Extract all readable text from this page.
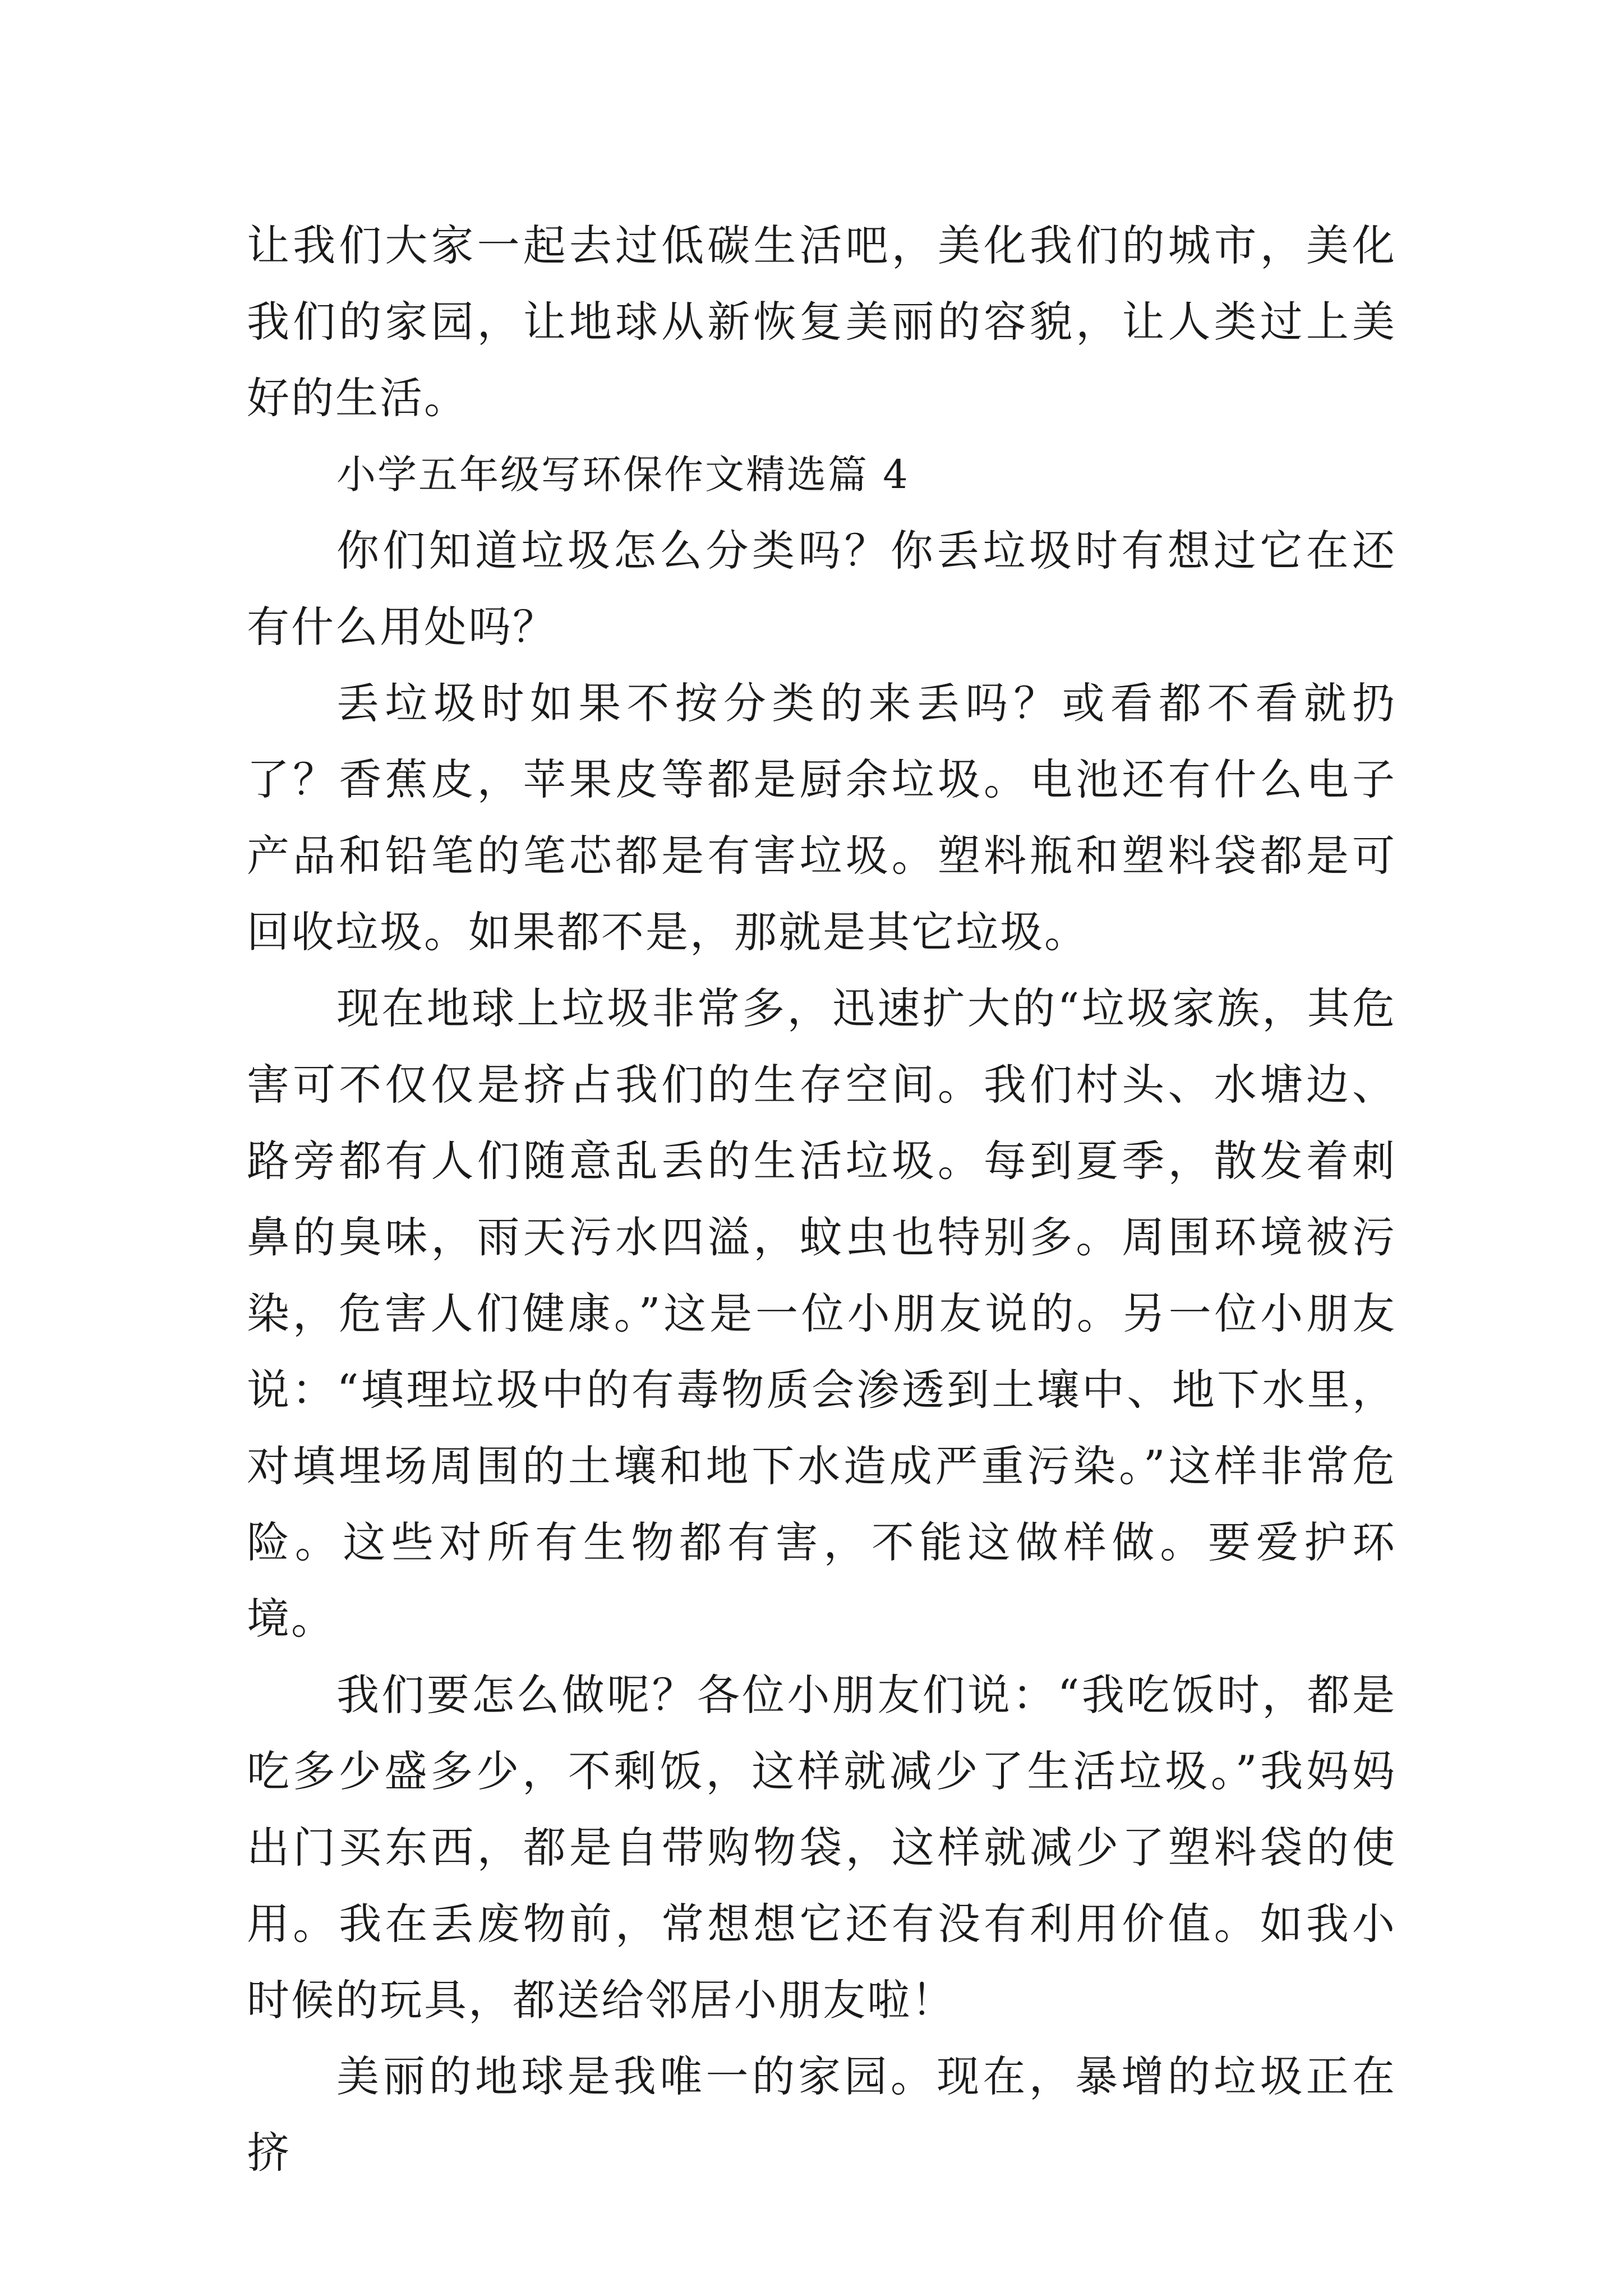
让我们大家一起去过低碳生活吧，美化我们的城市，美化我们的家园，让地球从新恢复美丽的容貌，让人类过上美好的生活。

小学五年级写环保作文精选篇 4

你们知道垃圾怎么分类吗？你丢垃圾时有想过它在还有什么用处吗？

丢垃圾时如果不按分类的来丢吗？或看都不看就扔了？香蕉皮，苹果皮等都是厨余垃圾。电池还有什么电子产品和铅笔的笔芯都是有害垃圾。塑料瓶和塑料袋都是可回收垃圾。如果都不是，那就是其它垃圾。

现在地球上垃圾非常多，迅速扩大的“垃圾家族，其危害可不仅仅是挤占我们的生存空间。我们村头、水塘边、路旁都有人们随意乱丢的生活垃圾。每到夏季，散发着刺鼻的臭味，雨天污水四溢，蚊虫也特别多。周围环境被污染，危害人们健康。”这是一位小朋友说的。另一位小朋友说：“填理垃圾中的有毒物质会渗透到土壤中、地下水里，对填埋场周围的土壤和地下水造成严重污染。”这样非常危险。这些对所有生物都有害，不能这做样做。要爱护环境。

我们要怎么做呢？各位小朋友们说：“我吃饭时，都是吃多少盛多少，不剩饭，这样就减少了生活垃圾。”我妈妈出门买东西，都是自带购物袋，这样就减少了塑料袋的使用。我在丢废物前，常想想它还有没有利用价值。如我小时候的玩具，都送给邻居小朋友啦！

美丽的地球是我唯一的家园。现在，暴增的垃圾正在挤
